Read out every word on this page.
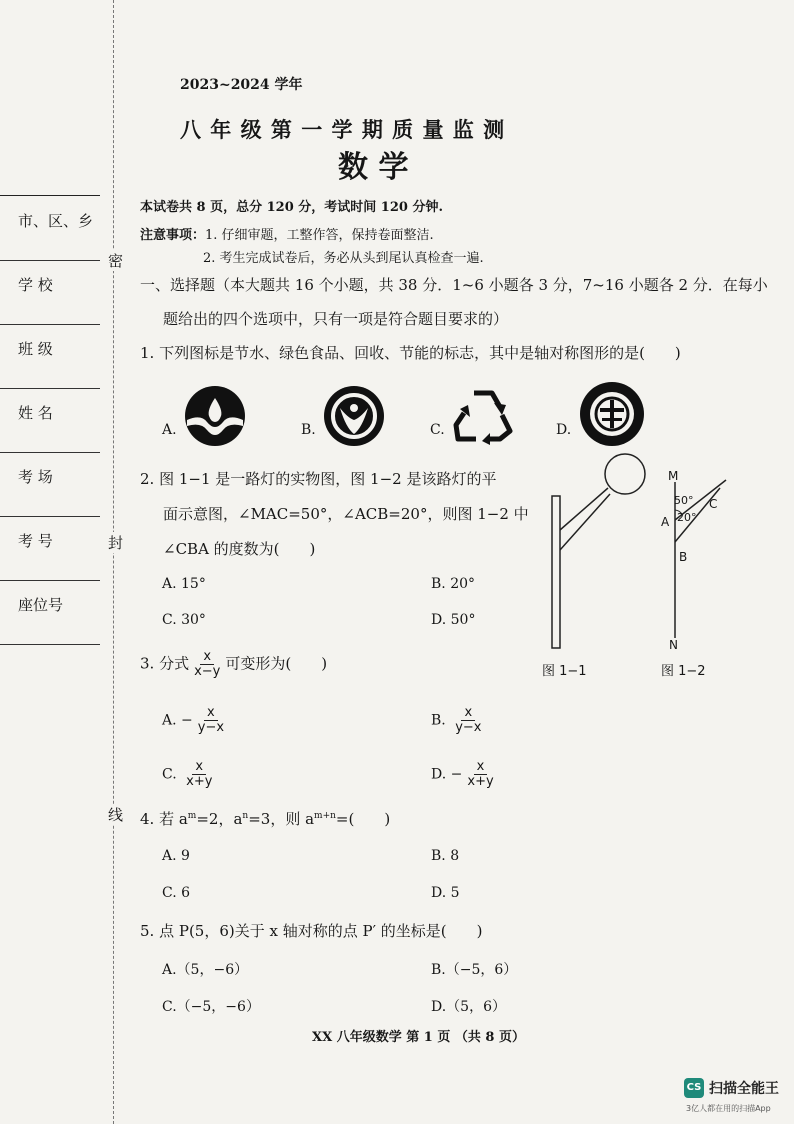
市、区、乡
学 校
班 级
姓 名
考 场
考 号
座位号
密
封
线
2023~2024 学年
八 年 级 第 一 学 期 质 量 监 测
数 学
本试卷共 8 页，总分 120 分，考试时间 120 分钟.
注意事项：1. 仔细审题，工整作答，保持卷面整洁.
2. 考生完成试卷后，务必从头到尾认真检查一遍.
一、选择题（本大题共 16 个小题，共 38 分．1~6 小题各 3 分，7~16 小题各 2 分．在每小
题给出的四个选项中，只有一项是符合题目要求的）
1. 下列图标是节水、绿色食品、回收、节能的标志，其中是轴对称图形的是(　　)
A.	B.	C.	D.
2. 图 1−1 是一路灯的实物图，图 1−2 是该路灯的平
面示意图，∠MAC=50°，∠ACB=20°，则图 1−2 中
∠CBA 的度数为(　　)
A. 15°	B. 20°
C. 30°	D. 50°
图 1−1
M
50° C
20°
A
B
N
图 1−2
3. 分式 $\frac{x}{x-y}$ 可变形为(　　)
A. − $\frac{x}{y-x}$	B. $\frac{x}{y-x}$
C. $\frac{x}{x+y}$	D. − $\frac{x}{x+y}$
4. 若 $a^m=2$，$a^n=3$，则 $a^{m+n}=$(　　)
A. 9	B. 8
C. 6	D. 5
5. 点 P(5，6)关于 x 轴对称的点 P′ 的坐标是(　　)
A.（5，−6）	B.（−5，6）
C.（−5，−6）	D.（5，6）
XX 八年级数学 第 1 页 （共 8 页）
CS 扫描全能王
3亿人都在用的扫描App
